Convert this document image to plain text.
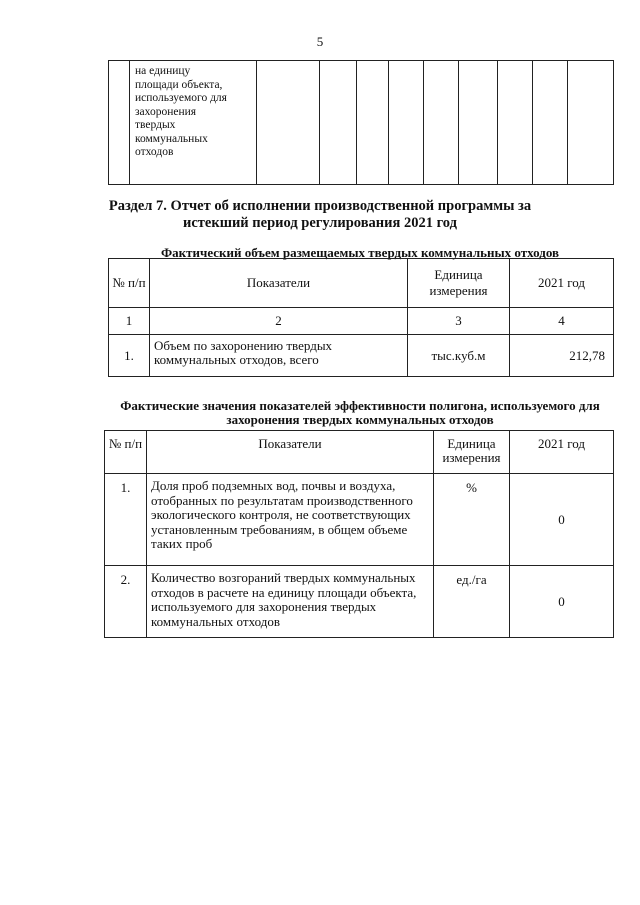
5

на единицу
площади объекта,
используемого для
захоронения
твердых
коммунальных
отходов

Раздел 7. Отчет об исполнении производственной программы за истекший период регулирования 2021 год
Фактический объем размещаемых твердых коммунальных отходов
№ п/п	Показатели	Единица измерения	2021 год
1	2	3	4
1.	Объем по захоронению твердых коммунальных отходов, всего	тыс.куб.м	212,78
Фактические значения показателей эффективности полигона, используемого для захоронения твердых коммунальных отходов
№ п/п	Показатели	Единица измерения	2021 год
1.	Доля проб подземных вод, почвы и воздуха, отобранных по результатам производственного экологического контроля, не соответствующих установленным требованиям, в общем объеме таких проб	%	0
2.	Количество возгораний твердых коммунальных отходов в расчете на единицу площади объекта, используемого для захоронения твердых коммунальных отходов	ед./га	0
